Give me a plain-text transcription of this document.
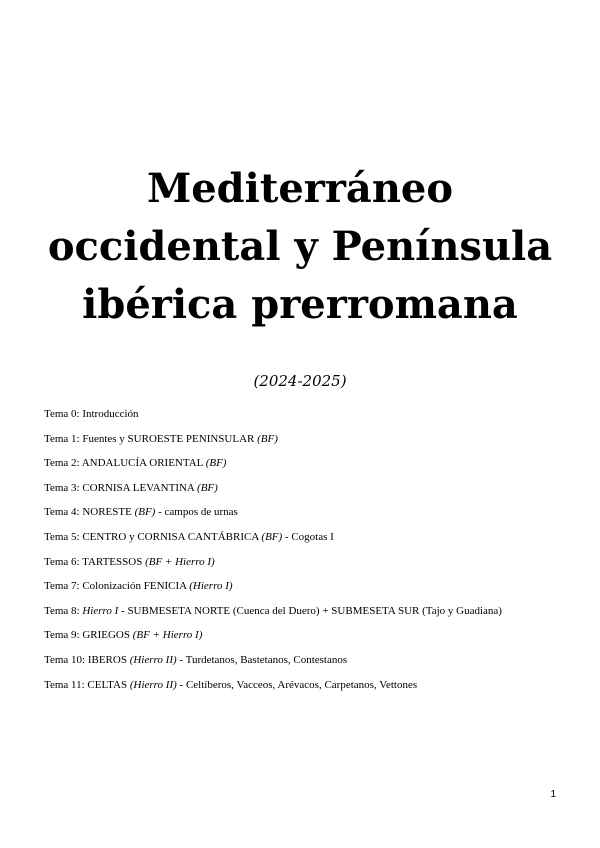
Mediterráneo
occidental y Península
ibérica prerromana
(2024-2025)
Tema 0: Introducción
Tema 1: Fuentes y SUROESTE PENINSULAR (BF)
Tema 2: ANDALUCÍA ORIENTAL (BF)
Tema 3: CORNISA LEVANTINA (BF)
Tema 4: NORESTE (BF) - campos de urnas
Tema 5: CENTRO y CORNISA CANTÁBRICA (BF) - Cogotas I
Tema 6: TARTESSOS (BF + Hierro I)
Tema 7: Colonización FENICIA (Hierro I)
Tema 8: Hierro I - SUBMESETA NORTE (Cuenca del Duero) + SUBMESETA SUR (Tajo y Guadiana)
Tema 9: GRIEGOS (BF + Hierro I)
Tema 10: IBEROS (Hierro II) - Turdetanos, Bastetanos, Contestanos
Tema 11: CELTAS (Hierro II) - Celtíberos, Vacceos, Arévacos, Carpetanos, Vettones
1
